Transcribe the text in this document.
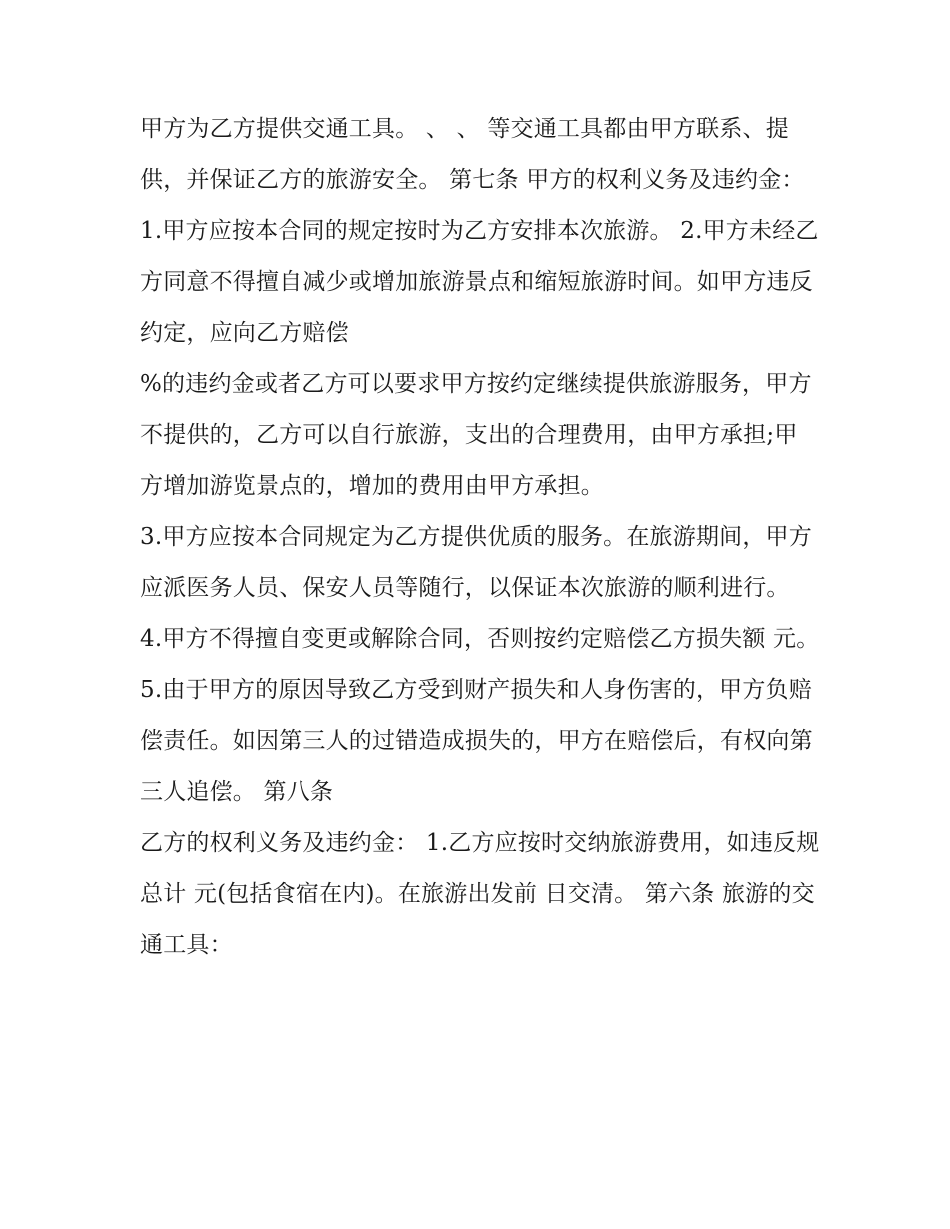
甲方为乙方提供交通工具。 、 、 等交通工具都由甲方联系、提供，并保证乙方的旅游安全。 第七条 甲方的权利义务及违约金：

1.甲方应按本合同的规定按时为乙方安排本次旅游。 2.甲方未经乙方同意不得擅自减少或增加旅游景点和缩短旅游时间。如甲方违反约定，应向乙方赔偿

%的违约金或者乙方可以要求甲方按约定继续提供旅游服务，甲方不提供的，乙方可以自行旅游，支出的合理费用，由甲方承担;甲方增加游览景点的，增加的费用由甲方承担。

3.甲方应按本合同规定为乙方提供优质的服务。在旅游期间，甲方应派医务人员、保安人员等随行，以保证本次旅游的顺利进行。

4.甲方不得擅自变更或解除合同，否则按约定赔偿乙方损失额 元。

5.由于甲方的原因导致乙方受到财产损失和人身伤害的，甲方负赔偿责任。如因第三人的过错造成损失的，甲方在赔偿后，有权向第三人追偿。 第八条

乙方的权利义务及违约金： 1.乙方应按时交纳旅游费用，如违反规总计 元(包括食宿在内)。在旅游出发前 日交清。 第六条 旅游的交通工具：
